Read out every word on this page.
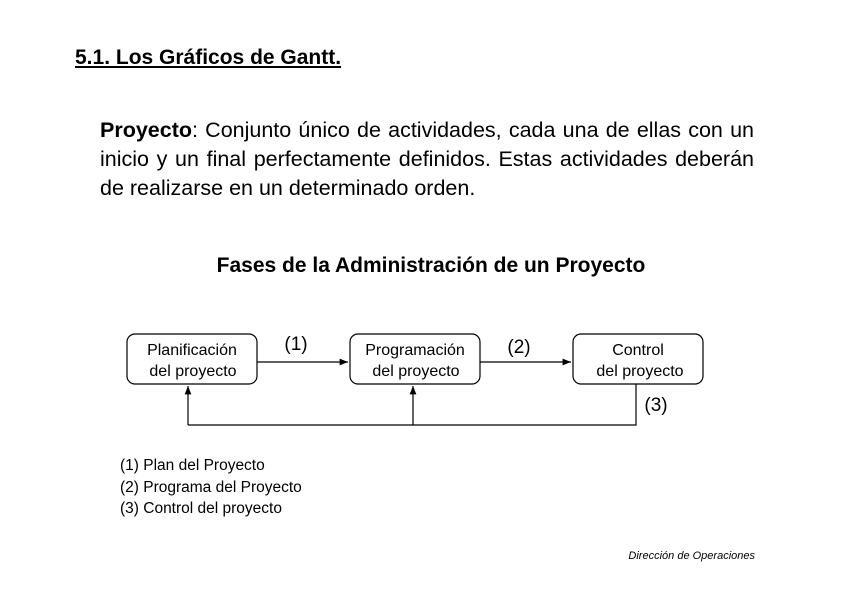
5.1. Los Gráficos de Gantt.

Proyecto: Conjunto único de actividades, cada una de ellas con un inicio y un final perfectamente definidos. Estas actividades deberán de realizarse en un determinado orden.

Fases de la Administración de un Proyecto
Planificación
del proyecto
Programación
del proyecto
Control
del proyecto
(1)	(2)
(3)
(1) Plan del Proyecto
(2) Programa del Proyecto
(3) Control del proyecto

Dirección de Operaciones
